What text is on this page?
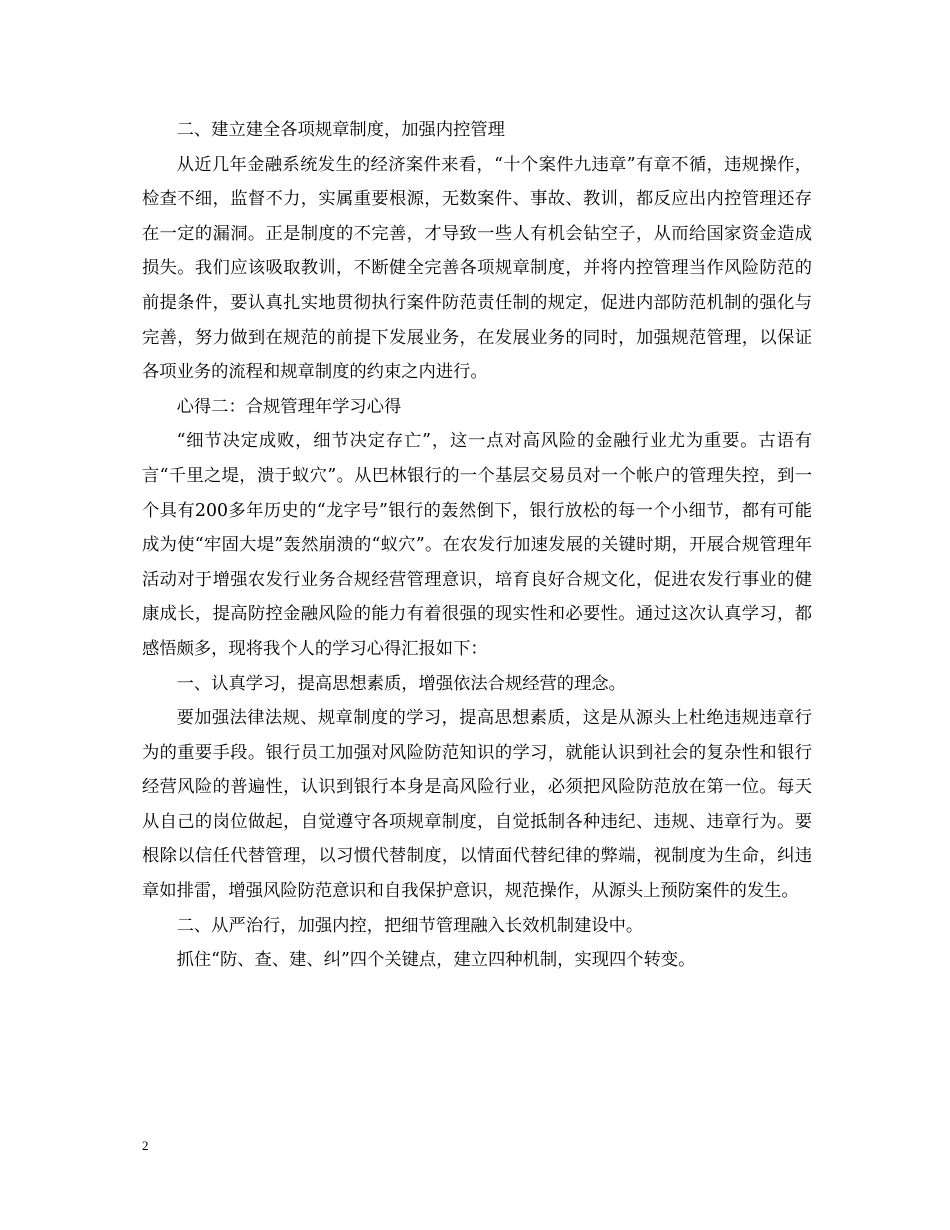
二、建立建全各项规章制度，加强内控管理

从近几年金融系统发生的经济案件来看，“十个案件九违章”有章不循，违规操作，检查不细，监督不力，实属重要根源，无数案件、事故、教训，都反应出内控管理还存在一定的漏洞。正是制度的不完善，才导致一些人有机会钻空子，从而给国家资金造成损失。我们应该吸取教训，不断健全完善各项规章制度，并将内控管理当作风险防范的前提条件，要认真扎实地贯彻执行案件防范责任制的规定，促进内部防范机制的强化与完善，努力做到在规范的前提下发展业务，在发展业务的同时，加强规范管理，以保证各项业务的流程和规章制度的约束之内进行。

心得二：合规管理年学习心得

“细节决定成败，细节决定存亡”，这一点对高风险的金融行业尤为重要。古语有言“千里之堤，溃于蚁穴”。从巴林银行的一个基层交易员对一个帐户的管理失控，到一个具有200多年历史的“龙字号”银行的轰然倒下，银行放松的每一个小细节，都有可能成为使“牢固大堤”轰然崩溃的“蚁穴”。在农发行加速发展的关键时期，开展合规管理年活动对于增强农发行业务合规经营管理意识，培育良好合规文化，促进农发行事业的健康成长，提高防控金融风险的能力有着很强的现实性和必要性。通过这次认真学习，都感悟颇多，现将我个人的学习心得汇报如下：

一、认真学习，提高思想素质，增强依法合规经营的理念。

要加强法律法规、规章制度的学习，提高思想素质，这是从源头上杜绝违规违章行为的重要手段。银行员工加强对风险防范知识的学习，就能认识到社会的复杂性和银行经营风险的普遍性，认识到银行本身是高风险行业，必须把风险防范放在第一位。每天从自己的岗位做起，自觉遵守各项规章制度，自觉抵制各种违纪、违规、违章行为。要根除以信任代替管理，以习惯代替制度，以情面代替纪律的弊端，视制度为生命，纠违章如排雷，增强风险防范意识和自我保护意识，规范操作，从源头上预防案件的发生。

二、从严治行，加强内控，把细节管理融入长效机制建设中。

抓住“防、查、建、纠”四个关键点，建立四种机制，实现四个转变。

2
